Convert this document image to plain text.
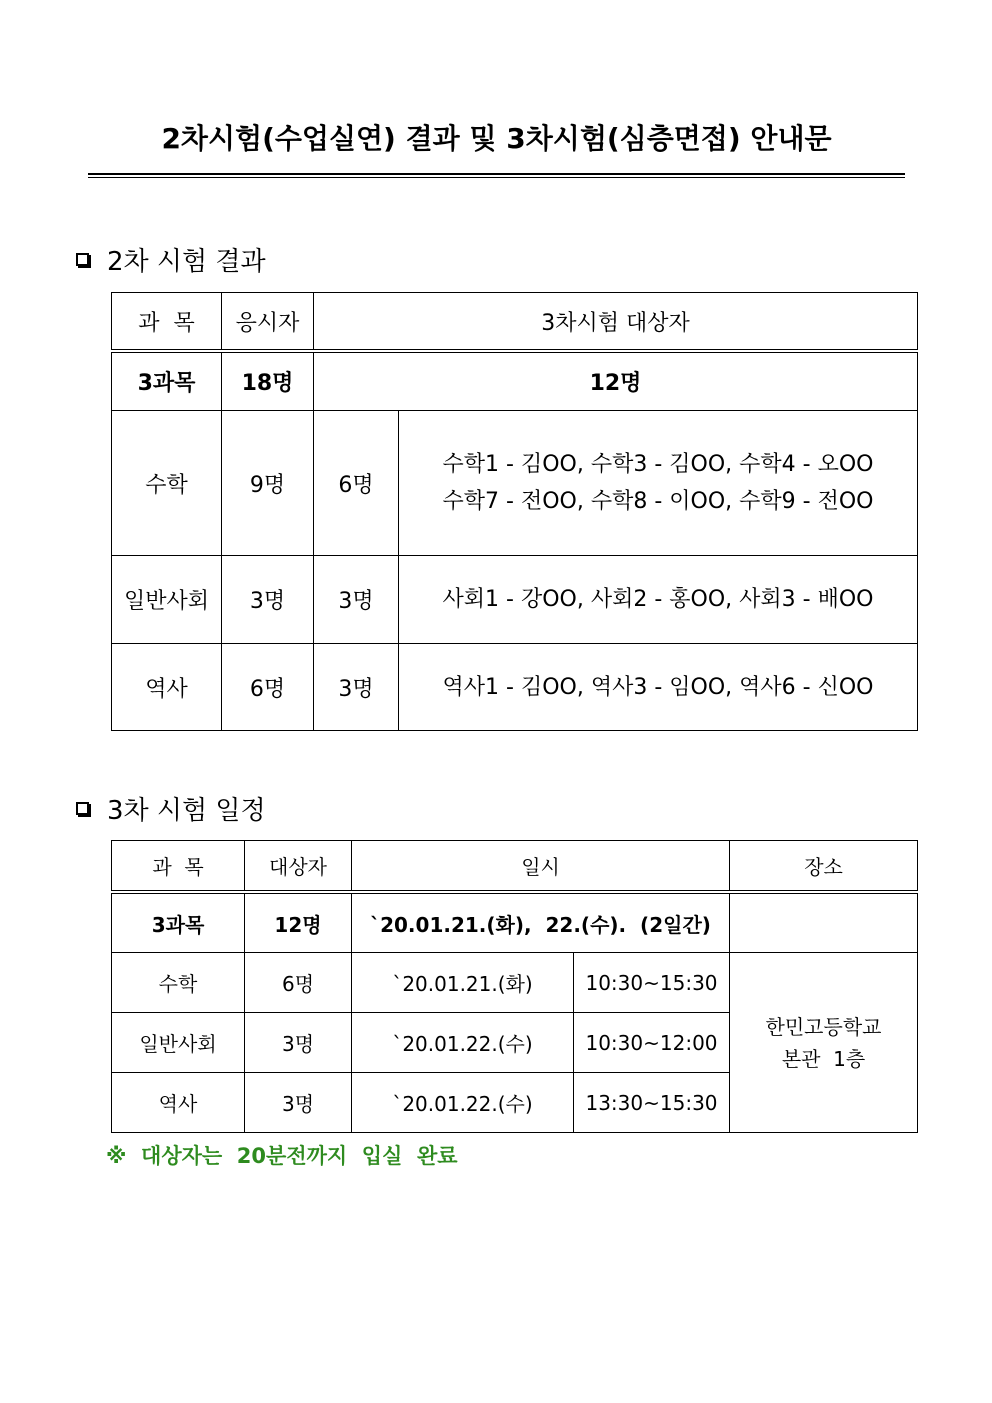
2차시험(수업실연) 결과 및 3차시험(심층면접) 안내문
2차 시험 결과
과  목	응시자	3차시험 대상자	
3과목	18명	12명	
수학	9명	6명	수학1 - 김OO, 수학3 - 김OO, 수학4 - 오OO
수학7 - 전OO, 수학8 - 이OO, 수학9 - 전OO

일반사회	3명	3명	사회1 - 강OO, 사회2 - 홍OO, 사회3 - 배OO

역사	6명	3명	역사1 - 김OO, 역사3 - 임OO, 역사6 - 신OO
3차 시험 일정
과  목	대상자	일시		장소
3과목	12명	`20.01.21.(화),  22.(수).  (2일간)		
수학	6명	`20.01.21.(화)	10:30~15:30	한민고등학교
본관  1층

일반사회	3명	`20.01.22.(수)	10:30~12:00	
역사	3명	`20.01.22.(수)	13:30~15:30	
※  대상자는  20분전까지  입실  완료
